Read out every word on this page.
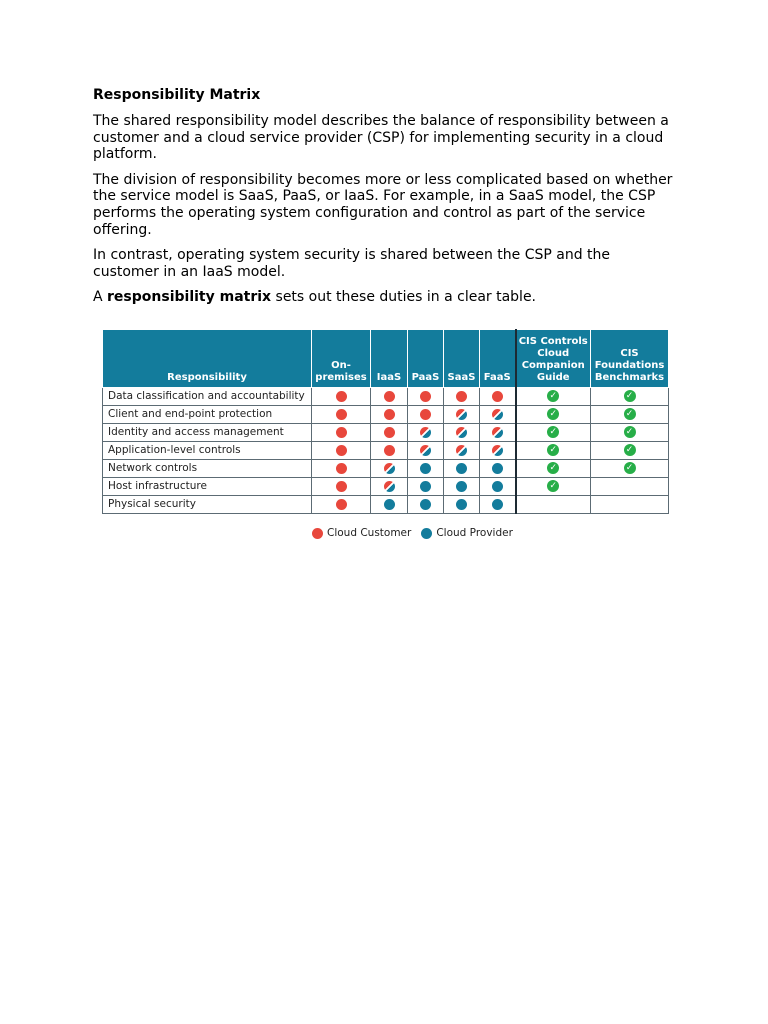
Responsibility Matrix

The shared responsibility model describes the balance of responsibility between a customer and a cloud service provider (CSP) for implementing security in a cloud platform.

The division of responsibility becomes more or less complicated based on whether the service model is SaaS, PaaS, or IaaS. For example, in a SaaS model, the CSP performs the operating system configuration and control as part of the service offering.

In contrast, operating system security is shared between the CSP and the customer in an IaaS model.

A responsibility matrix sets out these duties in a clear table.

Responsibility	On-premises	IaaS	PaaS	SaaS	FaaS	CIS Controls Cloud Companion Guide	CIS Foundations Benchmarks
Data classification and accountability						✓	✓
Client and end-point protection						✓	✓
Identity and access management						✓	✓
Application-level controls						✓	✓
Network controls						✓	✓
Host infrastructure						✓	
Physical security							
Cloud Customer Cloud Provider
